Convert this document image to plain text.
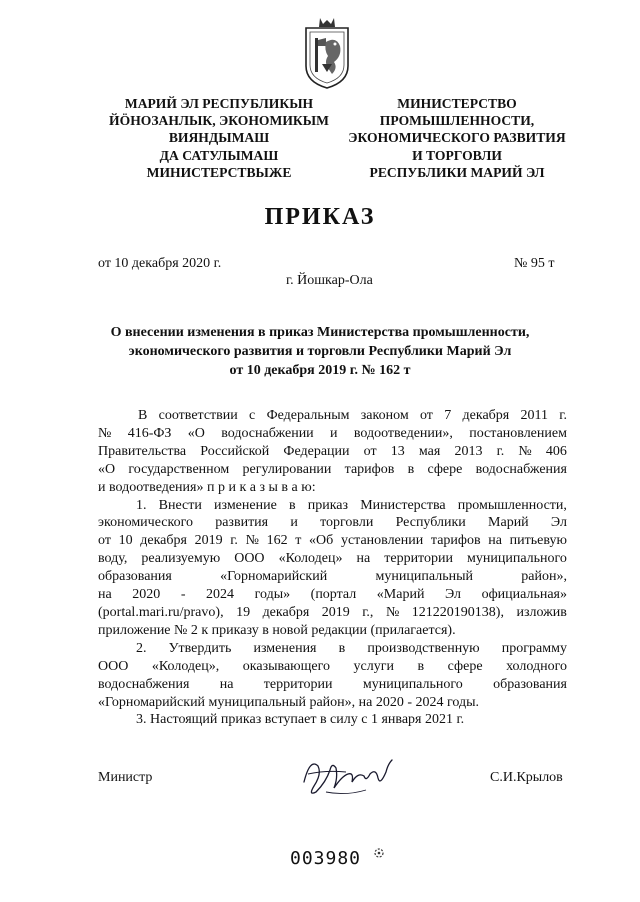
МАРИЙ ЭЛ РЕСПУБЛИКЫН
ЙӦНОЗАНЛЫК, ЭКОНОМИКЫМ
ВИЯНДЫМАШ
ДА САТУЛЫМАШ
МИНИСТЕРСТВЫЖЕ
МИНИСТЕРСТВО
ПРОМЫШЛЕННОСТИ,
ЭКОНОМИЧЕСКОГО РАЗВИТИЯ
И ТОРГОВЛИ
РЕСПУБЛИКИ МАРИЙ ЭЛ
ПРИКАЗ
от 10 декабря 2020 г.	№ 95 т
г. Йошкар-Ола
О внесении изменения в приказ Министерства промышленности,
экономического развития и торговли Республики Марий Эл
от 10 декабря 2019 г. № 162 т
В соответствии с Федеральным законом от 7 декабря 2011 г.
№ 416-ФЗ «О водоснабжении и водоотведении», постановлением
Правительства Российской Федерации от 13 мая 2013 г. № 406
«О государственном регулировании тарифов в сфере водоснабжения
и водоотведения» п р и к а з ы в а ю:
1. Внести изменение в приказ Министерства промышленности,
экономического развития и торговли Республики Марий Эл
от 10 декабря 2019 г. № 162 т «Об установлении тарифов на питьевую
воду, реализуемую ООО «Колодец» на территории муниципального
образования	«Горномарийский	муниципальный	район»,
на 2020 - 2024 годы» (портал «Марий Эл официальная»
(portal.mari.ru/pravo), 19 декабря 2019 г., № 121220190138), изложив
приложение № 2 к приказу в новой редакции (прилагается).
2. Утвердить изменения в производственную программу
ООО «Колодец», оказывающего услуги в сфере холодного
водоснабжения на территории муниципального образования
«Горномарийский муниципальный район», на 2020 - 2024 годы.
3. Настоящий приказ вступает в силу с 1 января 2021 г.
Министр	С.И.Крылов
003980
